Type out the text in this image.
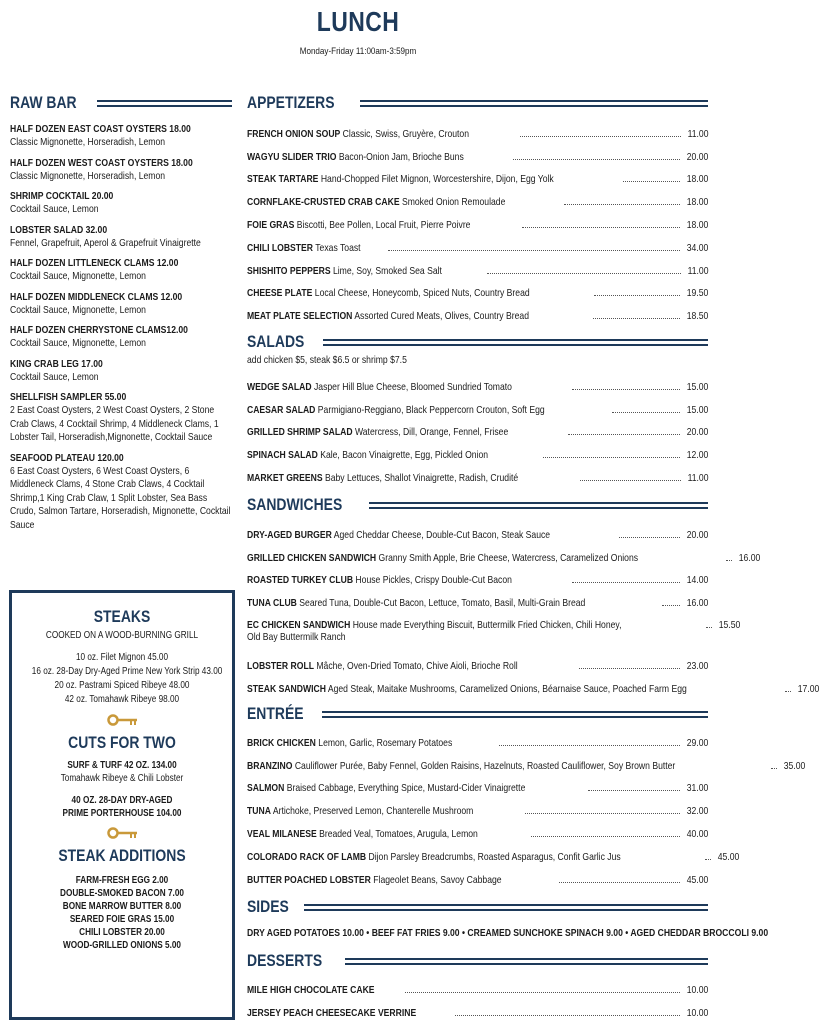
LUNCH
Monday-Friday 11:00am-3:59pm
RAW BAR
HALF DOZEN EAST COAST OYSTERS 18.00
Classic Mignonette, Horseradish, Lemon
HALF DOZEN WEST COAST OYSTERS 18.00
Classic Mignonette, Horseradish, Lemon
SHRIMP COCKTAIL 20.00
Cocktail Sauce, Lemon
LOBSTER SALAD 32.00
Fennel, Grapefruit, Aperol & Grapefruit Vinaigrette
HALF DOZEN LITTLENECK CLAMS 12.00
Cocktail Sauce, Mignonette, Lemon
HALF DOZEN MIDDLENECK CLAMS 12.00
Cocktail Sauce, Mignonette, Lemon
HALF DOZEN CHERRYSTONE CLAMS12.00
Cocktail Sauce, Mignonette, Lemon
KING CRAB LEG 17.00
Cocktail Sauce, Lemon
SHELLFISH SAMPLER 55.00
2 East Coast Oysters, 2 West Coast Oysters, 2 Stone Crab Claws, 4 Cocktail Shrimp, 4 Middleneck Clams, 1 Lobster Tail, Horseradish,Mignonette, Cocktail Sauce
SEAFOOD PLATEAU 120.00
6 East Coast Oysters, 6 West Coast Oysters, 6 Middleneck Clams, 4 Stone Crab Claws, 4 Cocktail Shrimp,1 King Crab Claw, 1 Split Lobster, Sea Bass Crudo, Salmon Tartare, Horseradish, Mignonette, Cocktail Sauce
STEAKS
COOKED ON A WOOD-BURNING GRILL
10 oz. Filet Mignon 45.00
16 oz. 28-Day Dry-Aged Prime New York Strip 43.00
20 oz. Pastrami Spiced Ribeye 48.00
42 oz. Tomahawk Ribeye 98.00
CUTS FOR TWO
SURF & TURF 42 OZ. 134.00
Tomahawk Ribeye & Chili Lobster
40 OZ. 28-DAY DRY-AGED
PRIME PORTERHOUSE 104.00
STEAK ADDITIONS
FARM-FRESH EGG 2.00
DOUBLE-SMOKED BACON 7.00
BONE MARROW BUTTER 8.00
SEARED FOIE GRAS 15.00
CHILI LOBSTER 20.00
WOOD-GRILLED ONIONS 5.00
APPETIZERS
FRENCH ONION SOUP Classic, Swiss, Gruyère, Crouton	11.00
WAGYU SLIDER TRIO Bacon-Onion Jam, Brioche Buns	20.00
STEAK TARTARE Hand-Chopped Filet Mignon, Worcestershire, Dijon, Egg Yolk	18.00
CORNFLAKE-CRUSTED CRAB CAKE Smoked Onion Remoulade	18.00
FOIE GRAS Biscotti, Bee Pollen, Local Fruit, Pierre Poivre	18.00
CHILI LOBSTER Texas Toast	34.00
SHISHITO PEPPERS Lime, Soy, Smoked Sea Salt	11.00
CHEESE PLATE Local Cheese, Honeycomb, Spiced Nuts, Country Bread	19.50
MEAT PLATE SELECTION Assorted Cured Meats, Olives, Country Bread	18.50
SALADS
add chicken $5, steak $6.5 or shrimp $7.5
WEDGE SALAD Jasper Hill Blue Cheese, Bloomed Sundried Tomato	15.00
CAESAR SALAD Parmigiano-Reggiano, Black Peppercorn Crouton, Soft Egg	15.00
GRILLED SHRIMP SALAD Watercress, Dill, Orange, Fennel, Frisee	20.00
SPINACH SALAD Kale, Bacon Vinaigrette, Egg, Pickled Onion	12.00
MARKET GREENS Baby Lettuces, Shallot Vinaigrette, Radish, Crudité	11.00
SANDWICHES
DRY-AGED BURGER Aged Cheddar Cheese, Double-Cut Bacon, Steak Sauce	20.00
GRILLED CHICKEN SANDWICH Granny Smith Apple, Brie Cheese, Watercress, Caramelized Onions	16.00
ROASTED TURKEY CLUB House Pickles, Crispy Double-Cut Bacon	14.00
TUNA CLUB Seared Tuna, Double-Cut Bacon, Lettuce, Tomato, Basil, Multi-Grain Bread	16.00
EC CHICKEN SANDWICH House made Everything Biscuit, Buttermilk Fried Chicken, Chili Honey,	15.50
Old Bay Buttermilk Ranch
LOBSTER ROLL Mâche, Oven-Dried Tomato, Chive Aioli, Brioche Roll	23.00
STEAK SANDWICH Aged Steak, Maitake Mushrooms, Caramelized Onions, Béarnaise Sauce, Poached Farm Egg	17.00
ENTRÉE
BRICK CHICKEN Lemon, Garlic, Rosemary Potatoes	29.00
BRANZINO Cauliflower Purée, Baby Fennel, Golden Raisins, Hazelnuts, Roasted Cauliflower, Soy Brown Butter	35.00
SALMON Braised Cabbage, Everything Spice, Mustard-Cider Vinaigrette	31.00
TUNA Artichoke, Preserved Lemon, Chanterelle Mushroom	32.00
VEAL MILANESE Breaded Veal, Tomatoes, Arugula, Lemon	40.00
COLORADO RACK OF LAMB Dijon Parsley Breadcrumbs, Roasted Asparagus, Confit Garlic Jus	45.00
BUTTER POACHED LOBSTER Flageolet Beans, Savoy Cabbage	45.00
SIDES
DRY AGED POTATOES 10.00 • BEEF FAT FRIES 9.00 • CREAMED SUNCHOKE SPINACH 9.00 • AGED CHEDDAR BROCCOLI 9.00
DESSERTS
MILE HIGH CHOCOLATE CAKE	10.00
JERSEY PEACH CHEESECAKE VERRINE	10.00
